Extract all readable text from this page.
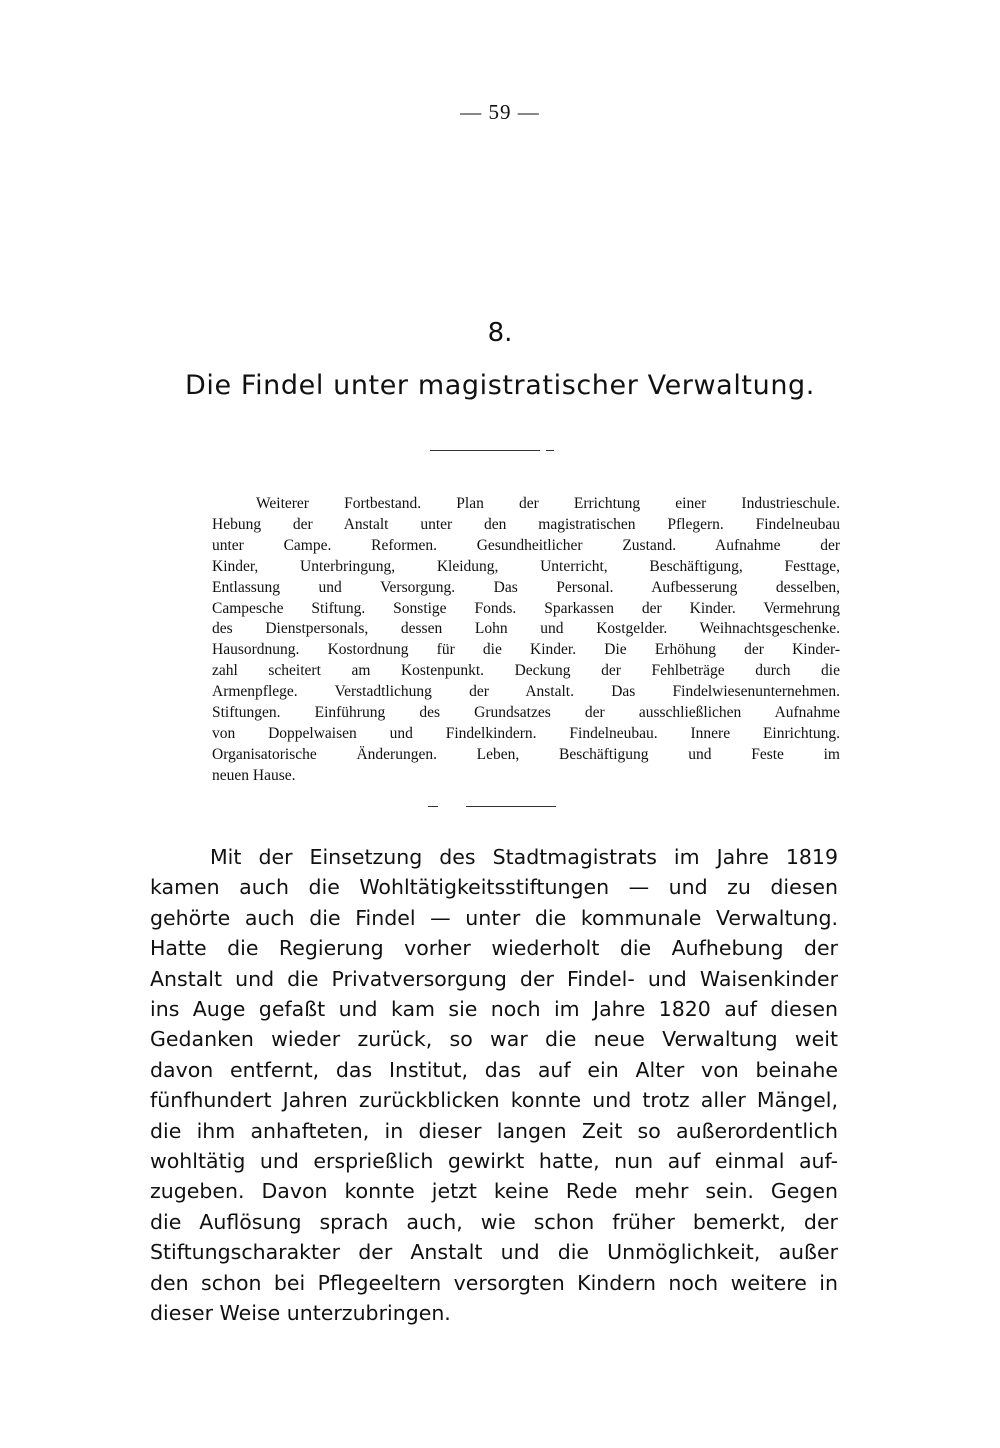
— 59 —
8.
Die Findel unter magistratischer Verwaltung.
Weiterer Fortbestand. Plan der Errichtung einer Industrieschule.
Hebung der Anstalt unter den magistratischen Pflegern. Findelneubau
unter Campe. Reformen. Gesundheitlicher Zustand. Aufnahme der
Kinder, Unterbringung, Kleidung, Unterricht, Beschäftigung, Festtage,
Entlassung und Versorgung. Das Personal. Aufbesserung desselben,
Campesche Stiftung. Sonstige Fonds. Sparkassen der Kinder. Vermehrung
des Dienstpersonals, dessen Lohn und Kostgelder. Weihnachtsgeschenke.
Hausordnung. Kostordnung für die Kinder. Die Erhöhung der Kinder-
zahl scheitert am Kostenpunkt. Deckung der Fehlbeträge durch die
Armenpflege. Verstadtlichung der Anstalt. Das Findelwiesenunternehmen.
Stiftungen. Einführung des Grundsatzes der ausschließlichen Aufnahme
von Doppelwaisen und Findelkindern. Findelneubau. Innere Einrichtung.
Organisatorische Änderungen. Leben, Beschäftigung und Feste im
neuen Hause.
Mit der Einsetzung des Stadtmagistrats im Jahre 1819
kamen auch die Wohltätigkeitsstiftungen — und zu diesen
gehörte auch die Findel — unter die kommunale Verwaltung.
Hatte die Regierung vorher wiederholt die Aufhebung der
Anstalt und die Privatversorgung der Findel- und Waisenkinder
ins Auge gefaßt und kam sie noch im Jahre 1820 auf diesen
Gedanken wieder zurück, so war die neue Verwaltung weit
davon entfernt, das Institut, das auf ein Alter von beinahe
fünfhundert Jahren zurückblicken konnte und trotz aller Mängel,
die ihm anhafteten, in dieser langen Zeit so außerordentlich
wohltätig und ersprießlich gewirkt hatte, nun auf einmal auf-
zugeben. Davon konnte jetzt keine Rede mehr sein. Gegen
die Auflösung sprach auch, wie schon früher bemerkt, der
Stiftungscharakter der Anstalt und die Unmöglichkeit, außer
den schon bei Pflegeeltern versorgten Kindern noch weitere in
dieser Weise unterzubringen.
